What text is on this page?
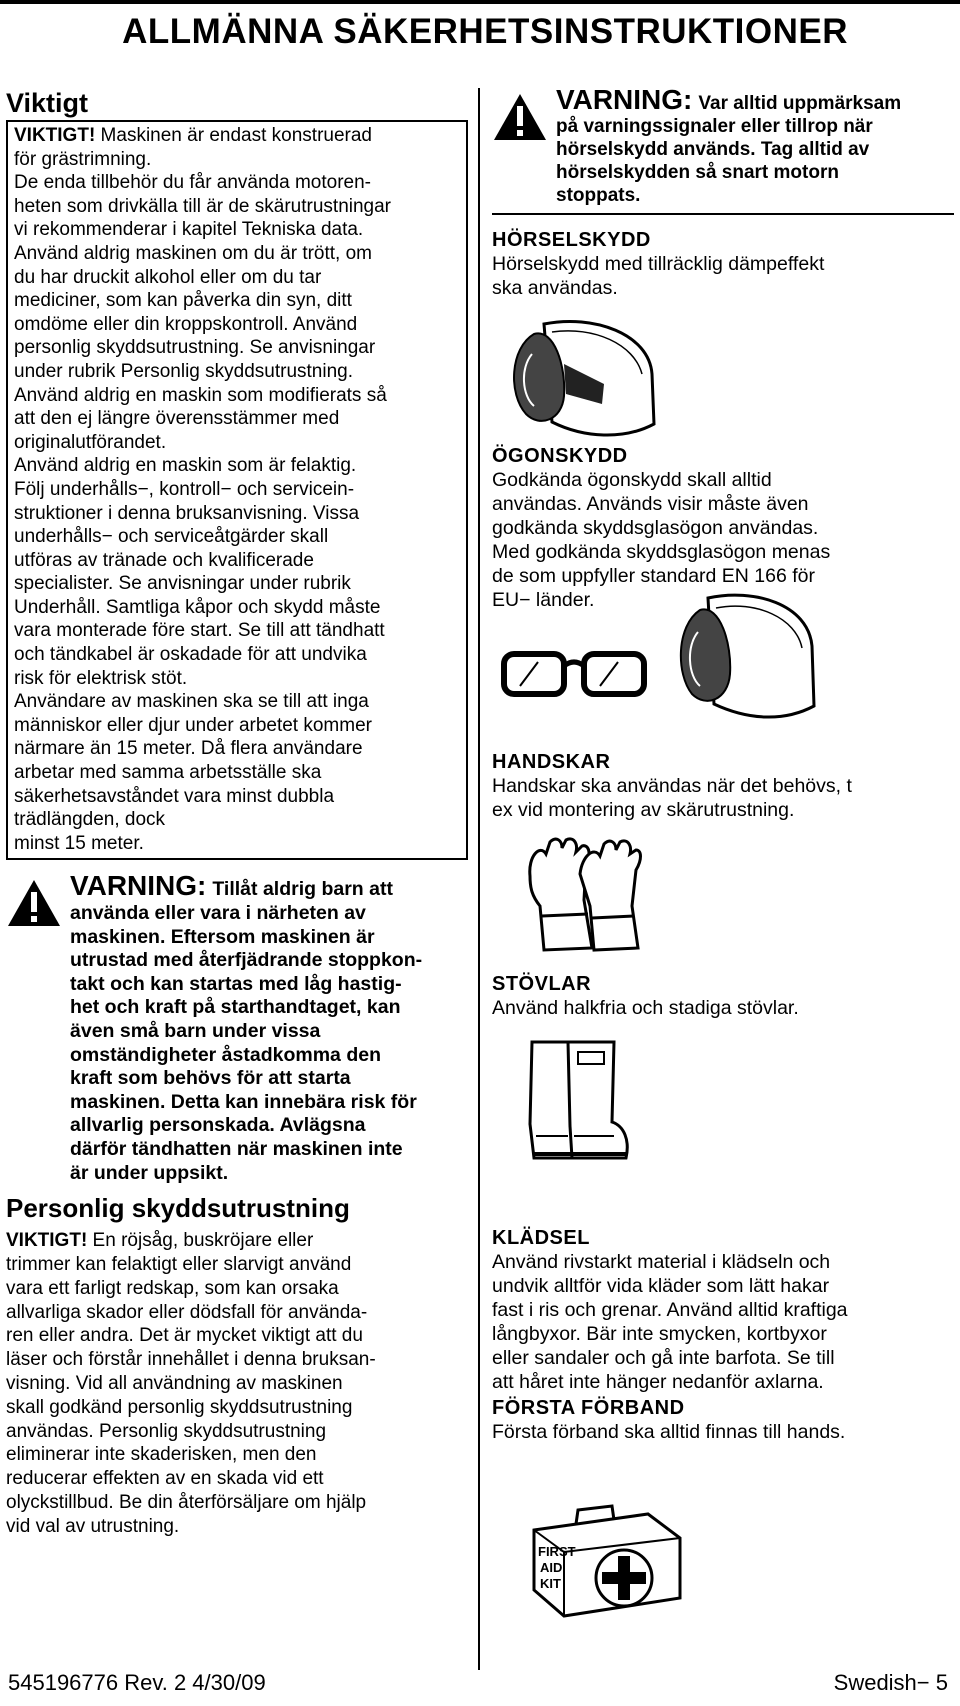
ALLMÄNNA SÄKERHETSINSTRUKTIONER
Viktigt

VIKTIGT! Maskinen är endast konstruerad

för grästrimning.

De enda tillbehör du får använda motoren-

heten som drivkälla till är de skärutrustningar

vi rekommenderar i kapitel Tekniska data.

Använd aldrig maskinen om du är trött, om

du har druckit alkohol eller om du tar

mediciner, som kan påverka din syn, ditt

omdöme eller din kroppskontroll. Använd

personlig skyddsutrustning. Se anvisningar

under rubrik Personlig skyddsutrustning.

Använd aldrig en maskin som modifierats så

att den ej längre överensstämmer med

originalutförandet.

Använd aldrig en maskin som är felaktig.

Följ underhålls−, kontroll− och servicein-

struktioner i denna bruksanvisning. Vissa

underhålls− och serviceåtgärder skall

utföras av tränade och kvalificerade

specialister. Se anvisningar under rubrik

Underhåll. Samtliga kåpor och skydd måste

vara monterade före start. Se till att tändhatt

och tändkabel är oskadade för att undvika

risk för elektrisk stöt.

Användare av maskinen ska se till att inga

människor eller djur under arbetet kommer

närmare än 15 meter. Då flera användare

arbetar med samma arbetsställe ska

säkerhetsavståndet vara minst dubbla

trädlängden, dock

minst 15 meter.

VARNING: Tillåt aldrig barn att
använda eller vara i närheten av
maskinen. Eftersom maskinen är
utrustad med återfjädrande stoppkon-
takt och kan startas med låg hastig-
het och kraft på starthandtaget, kan
även små barn under vissa
omständigheter åstadkomma den
kraft som behövs för att starta
maskinen. Detta kan innebära risk för
allvarlig personskada. Avlägsna
därför tändhatten när maskinen inte
är under uppsikt.
Personlig skyddsutrustning

VIKTIGT! En röjsåg, buskröjare eller

trimmer kan felaktigt eller slarvigt använd

vara ett farligt redskap, som kan orsaka

allvarliga skador eller dödsfall för använda-

ren eller andra. Det är mycket viktigt att du

läser och förstår innehållet i denna bruksan-

visning. Vid all användning av maskinen

skall godkänd personlig skyddsutrustning

användas. Personlig skyddsutrustning

eliminerar inte skaderisken, men den

reducerar effekten av en skada vid ett

olyckstillbud. Be din återförsäljare om hjälp

vid val av utrustning.

VARNING: Var alltid uppmärksam
på varningssignaler eller tillrop när
hörselskydd används. Tag alltid av
hörselskydden så snart motorn
stoppats.

HÖRSELSKYDD

Hörselskydd med tillräcklig dämpeffekt

ska användas.

ÖGONSKYDD

Godkända ögonskydd skall alltid

användas. Används visir måste även

godkända skyddsglasögon användas.

Med godkända skyddsglasögon menas

de som uppfyller standard EN 166 för

EU− länder.

HANDSKAR

Handskar ska användas när det behövs, t

ex vid montering av skärutrustning.

STÖVLAR

Använd halkfria och stadiga stövlar.

KLÄDSEL

Använd rivstarkt material i klädseln och

undvik alltför vida kläder som lätt hakar

fast i ris och grenar. Använd alltid kraftiga

långbyxor. Bär inte smycken, kortbyxor

eller sandaler och gå inte barfota. Se till

att håret inte hänger nedanför axlarna.

FÖRSTA FÖRBAND

Första förband ska alltid finnas till hands.

FIRST
AID
KIT
545196776 Rev. 2 4/30/09	Swedish− 5
